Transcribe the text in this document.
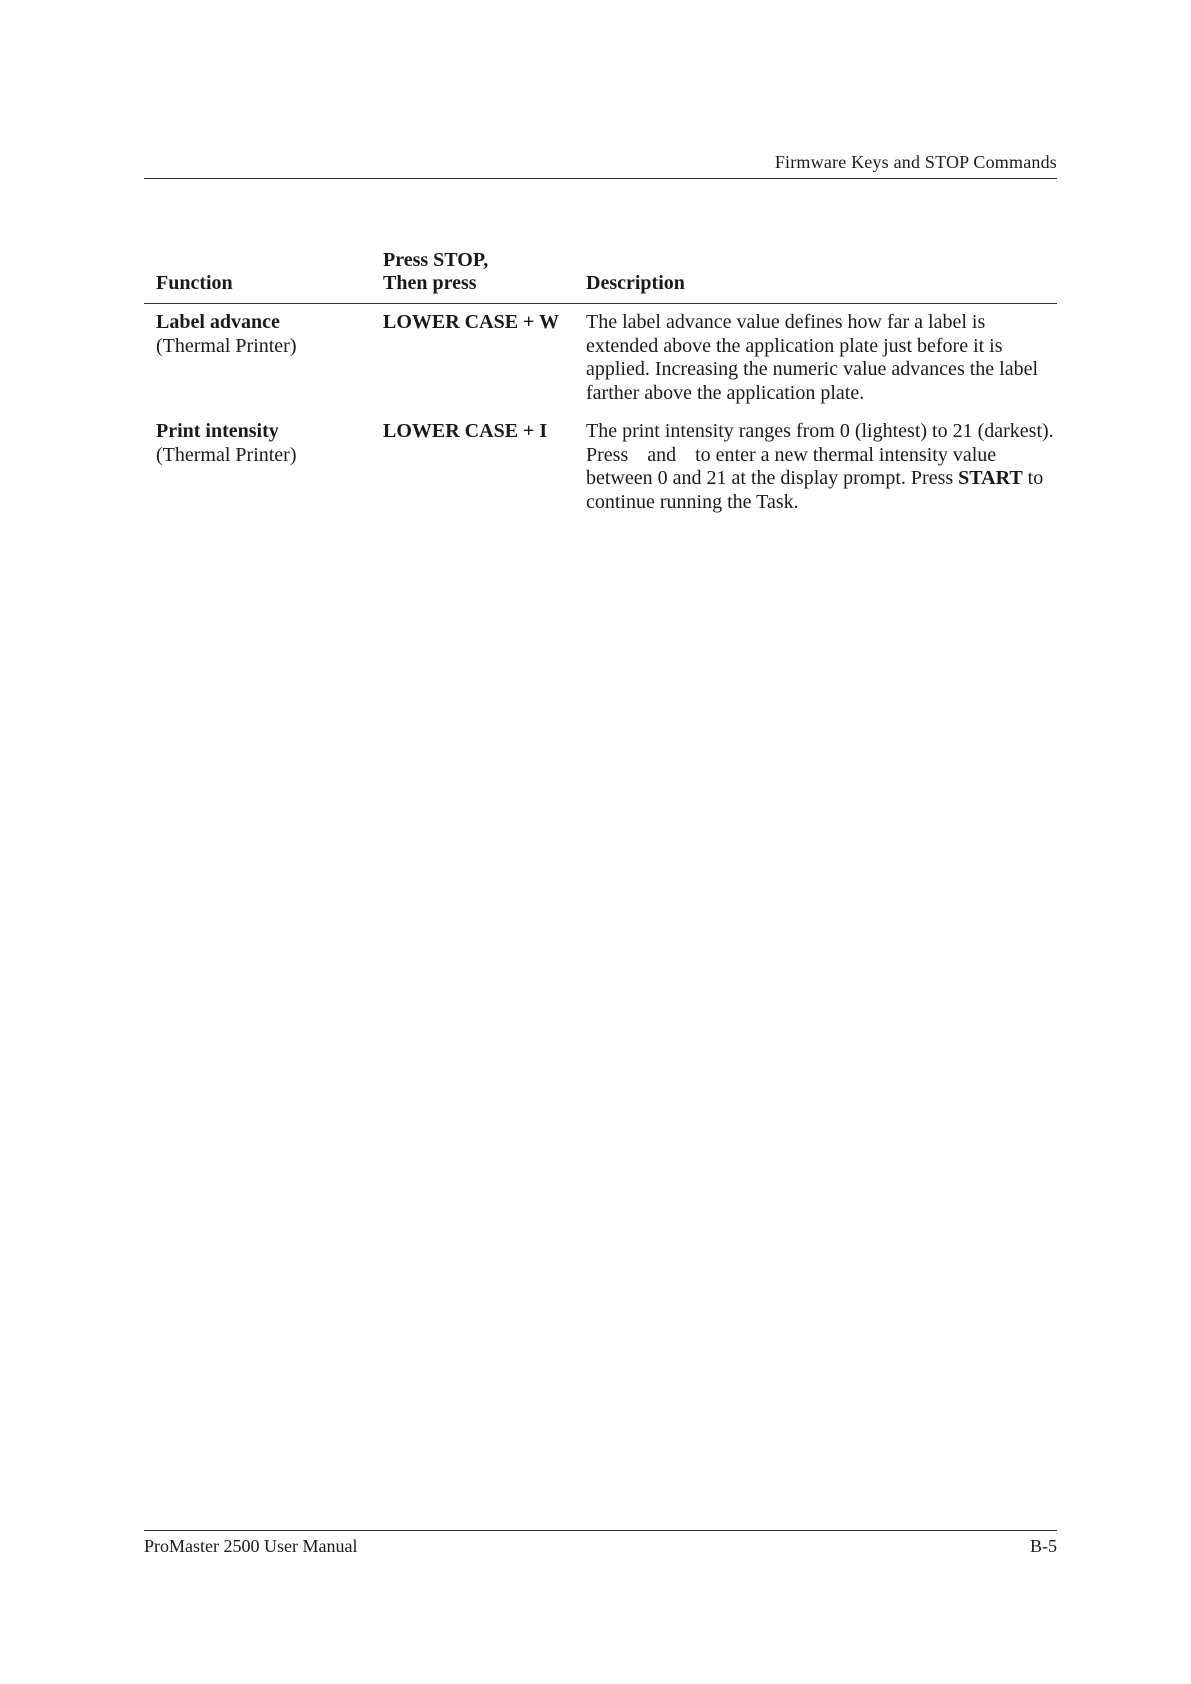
Firmware Keys and STOP Commands
Function
Press STOP,
Then press	Description
Label advance
(Thermal Printer)
LOWER CASE + W The label advance value defines how far a label is extended above the application plate just before it is applied. Increasing the numeric value advances the label farther above the application plate.
Print intensity
(Thermal Printer)
LOWER CASE + I The print intensity ranges from 0 (lightest) to 21 (darkest). Press and to enter a new thermal intensity value between 0 and 21 at the display prompt. Press START to continue running the Task.
ProMaster 2500 User Manual	B-5
